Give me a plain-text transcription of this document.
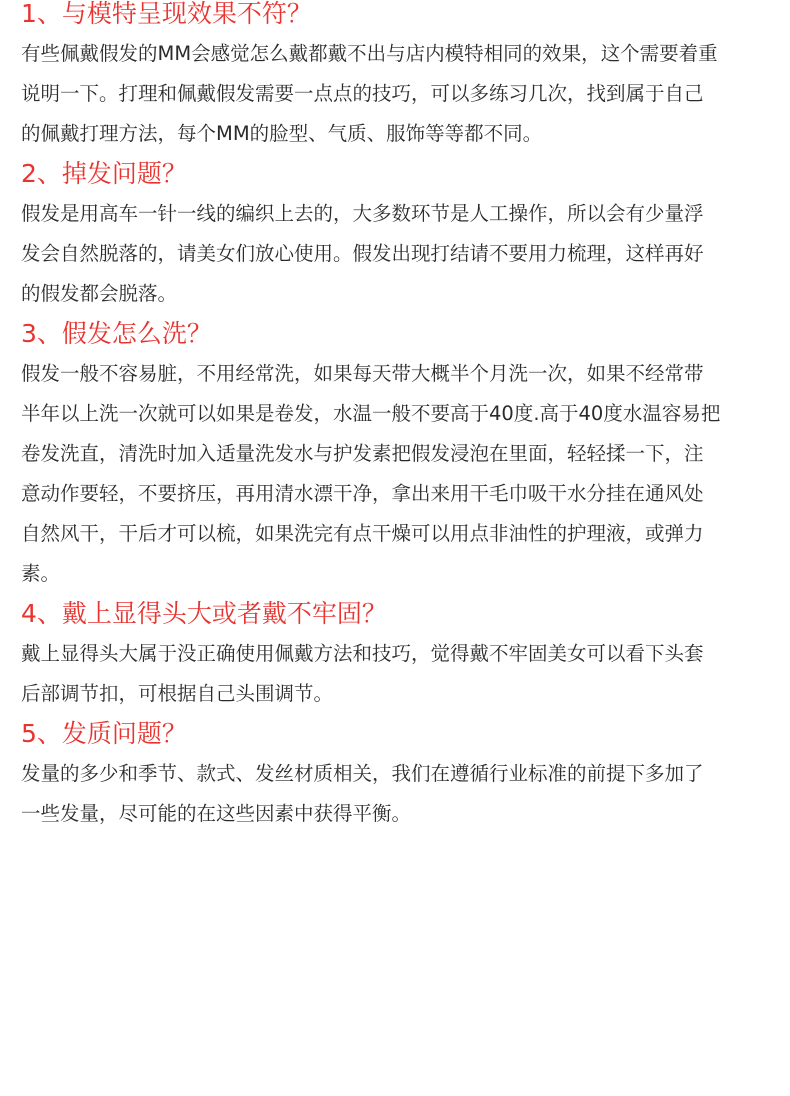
1、与模特呈现效果不符？
有些佩戴假发的MM会感觉怎么戴都戴不出与店内模特相同的效果，这个需要着重
说明一下。打理和佩戴假发需要一点点的技巧，可以多练习几次，找到属于自己
的佩戴打理方法，每个MM的脸型、气质、服饰等等都不同。
2、掉发问题？
假发是用高车一针一线的编织上去的，大多数环节是人工操作，所以会有少量浮
发会自然脱落的，请美女们放心使用。假发出现打结请不要用力梳理，这样再好
的假发都会脱落。
3、假发怎么洗？
假发一般不容易脏，不用经常洗，如果每天带大概半个月洗一次，如果不经常带
半年以上洗一次就可以如果是卷发，水温一般不要高于40度.高于40度水温容易把
卷发洗直，清洗时加入适量洗发水与护发素把假发浸泡在里面，轻轻揉一下，注
意动作要轻，不要挤压，再用清水漂干净，拿出来用干毛巾吸干水分挂在通风处
自然风干，干后才可以梳，如果洗完有点干燥可以用点非油性的护理液，或弹力
素。
4、戴上显得头大或者戴不牢固？
戴上显得头大属于没正确使用佩戴方法和技巧，觉得戴不牢固美女可以看下头套
后部调节扣，可根据自己头围调节。
5、发质问题？
发量的多少和季节、款式、发丝材质相关，我们在遵循行业标准的前提下多加了
一些发量，尽可能的在这些因素中获得平衡。
